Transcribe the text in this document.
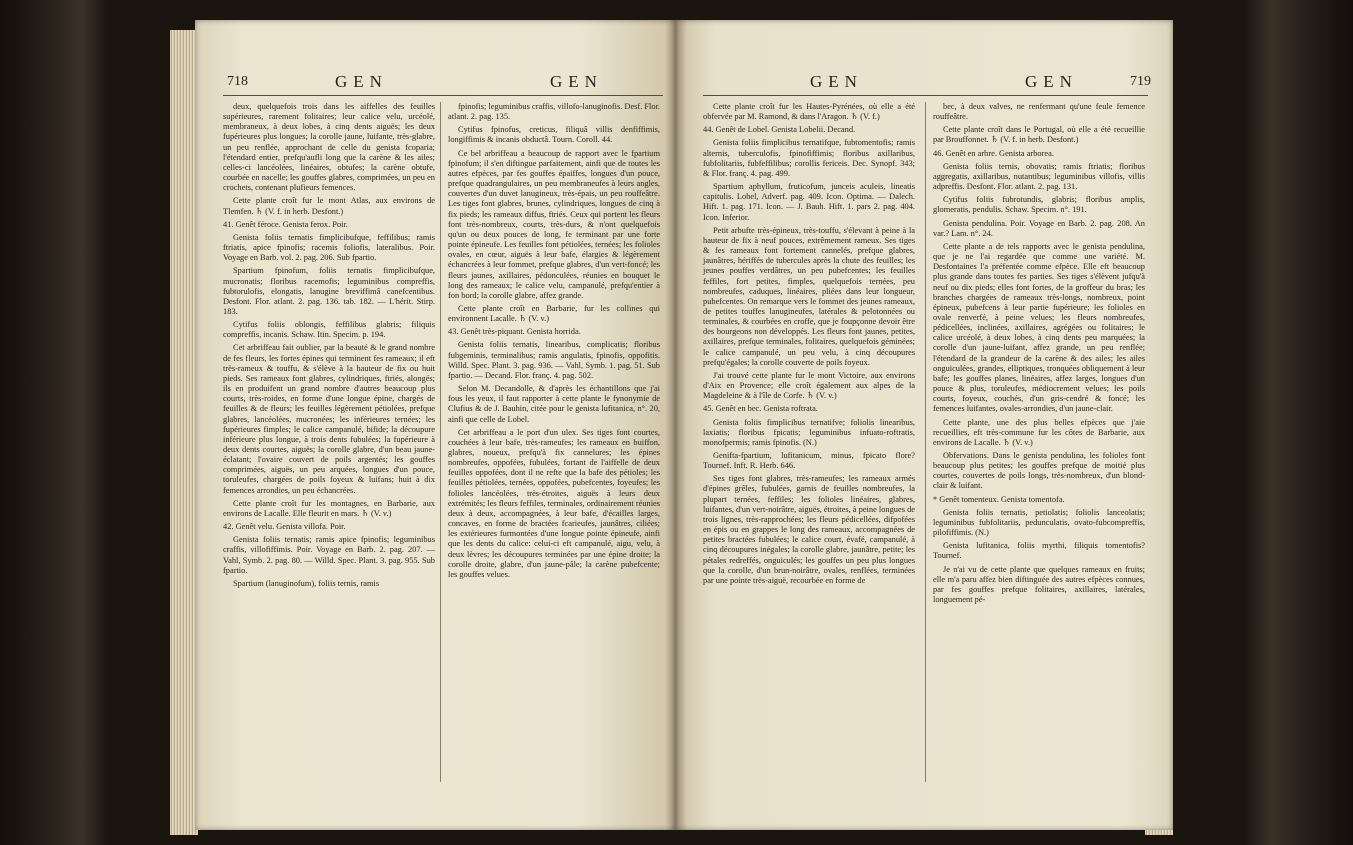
718	GEN	GEN

deux, quelquefois trois dans les aiffelles des feuilles supérieures, rarement folitaires; leur calice velu, urcéolé, membraneux, à deux lobes, à cinq dents aiguës; les deux fupérieures plus longues; la corolle jaune, luifante, très-glabre, un peu renflée, approchant de celle du genista fcoparia; l'étendard entier, prefqu'aufli long que la carène & les ailes; celles-ci lancéolées, linéaires, obtufes; la carène obtufe, courbée en nacelle; les gouffes glabres, comprimées, un peu en crochets, contenant plufieurs femences.

Cette plante croît fur le mont Atlas, aux environs de Tlemfen. ♄ (V. f. in herb. Desfont.)

41. Genêt féroce. Genista ferox. Poir.

Genista foliis ternatis fimplicibufque, feffilibus; ramis ftriatis, apice fpinofis; racemis foliofis, lateralibus. Poir. Voyage en Barb. vol. 2. pag. 206. Sub fpartio.

Spartium fpinofum, foliis ternatis fimplicibufque, mucronatis; floribus racemofis; leguminibus compreffis, fubtorulofis, elongatis, lanugine breviffimâ canefcentibus. Desfont. Flor. atlant. 2. pag. 136. tab. 182. — L'hérit. Stirp. 183.

Cytifus foliis oblongis, feffilibus glabris; filiquis compreffis, incanis. Schaw. Itin. Specim. p. 194.

Cet arbriffeau fait oublier, par la beauté & le grand nombre de fes fleurs, les fortes épines qui terminent fes rameaux; il eft très-rameux & touffu, & s'élève à la hauteur de fix ou huit pieds. Ses rameaux font glabres, cylindriques, ftriés, alongés; ils en produifent un grand nombre d'autres beaucoup plus courts, très-roides, en forme d'une longue épine, chargés de feuilles & de fleurs; les feuilles légèrement pétiolées, prefque glabres, lancéolées, mucronées; les inférieures ternées; les fupérieures fimples; le calice campanulé, bifide; la découpure inférieure plus longue, à trois dents fubulées; la fupérieure à deux dents courtes, aiguës; la corolle glabre, d'un beau jaune-éclatant; l'ovaire couvert de poils argentés; les gouffes comprimées, aiguës, un peu arquées, longues d'un pouce, toruleufes, chargées de poils foyeux & luifans; huit à dix femences arrondies, un peu échancrées.

Cette plante croît fur les montagnes, en Barbarie, aux environs de Lacalle. Elle fleurit en mars. ♄ (V. v.)

42. Genêt velu. Genista villofa. Poir.

Genista foliis ternatis; ramis apice fpinofis; leguminibus craffis, villofiffimis. Poir. Voyage en Barb. 2. pag. 207. — Vahl, Symb. 2. pag. 80. — Willd. Spec. Plant. 3. pag. 955. Sub fpartio.

Spartium (lanuginofum), foliis ternis, ramis

fpinofis; leguminibus craffis, villofo-lanuginofis. Desf. Flor. atlant. 2. pag. 135.

Cytifus fpinofus, creticus, filiquâ villis denfiffimis, longiffimis & incanis obductâ. Tourn. Coroll. 44.

Ce bel arbriffeau a beaucoup de rapport avec le fpartium fpinofum; il s'en diftingue parfaitement, ainfi que de toutes les autres efpèces, par fes gouffes épaiffes, longues d'un pouce, prefque quadrangulaires, un peu membraneufes à leurs angles, couvertes d'un duvet lanugineux, très-épais, un peu rouffeâtre. Les tiges font glabres, brunes, cylindriques, longues de cinq à fix pieds; les rameaux diffus, ftriés. Ceux qui portent les fleurs font très-nombreux, courts, très-durs, & n'ont quelquefois qu'un ou deux pouces de long, fe terminant par une forte pointe épineufe. Les feuilles font pétiolées, ternées; les folioles ovales, en cœur, aiguës à leur bafe, élargies & légèrement échancrées à leur fommet, prefque glabres, d'un vert-foncé; les fleurs jaunes, axillaires, pédonculées, réunies en bouquet le long des rameaux; le calice velu, campanulé, prefqu'entier à fon bord; la corolle glabre, affez grande.

Cette plante croît en Barbarie, fur les collines qui environnent Lacalle. ♄ (V. v.)

43. Genêt très-piquant. Genista horrida.

Genista foliis ternatis, linearibus, complicatis; floribus fubgeminis, terminalibus; ramis angulatis, fpinofis, oppofitis. Willd. Spec. Plant. 3. pag. 936. — Vahl, Symb. 1. pag. 51. Sub fpartio. — Decand. Flor. franç. 4. pag. 502.

Selon M. Decandolle, & d'après les échantillons que j'ai fous les yeux, il faut rapporter à cette plante le fynonymie de Clufius & de J. Bauhin, citée pour le genista lufitanica, n°. 20, ainfi que celle de Lobel.

Cet arbriffeau a le port d'un ulex. Ses tiges font courtes, couchées à leur bafe, très-rameufes; les rameaux en buiffon, glabres, noueux, prefqu'à fix cannelures; les épines nombreufes, oppofées, fubulées, fortant de l'aiffelle de deux feuilles oppofées, dont il ne refte que la bafe des pétioles; les feuilles pétiolées, ternées, oppofées, pubefcentes, foyeufes; les folioles lancéolées, très-étroites, aiguës à leurs deux extrémités; les fleurs feffiles, terminales, ordinairement réunies deux à deux, accompagnées, à leur bafe, d'écailles larges, concaves, en forme de bractées fcarieufes, jaunâtres, ciliées; les extérieures furmontées d'une longue pointe épineufe, ainfi que les dents du calice: celui-ci eft campanulé, aigu, velu, à deux lèvres; les découpures terminées par une épine droite; la corolle droite, glabre, d'un jaune-pâle; la carène pubefcente; les gouffes velues.

GEN	GEN	719

Cette plante croît fur les Hautes-Pyrénées, où elle a été obfervée par M. Ramond, & dans l'Aragon. ♄ (V. f.)

44. Genêt de Lobel. Genista Lobelii. Decand.

Genista foliis fimplicibus ternatifque, fubtomentofis; ramis alternis, tuberculofis, fpinofiffimis; floribus axillaribus, fubfolitariis, fubfeffilibus; corollis fericeis. Dec. Synopf. 343; & Flor. franç. 4. pag. 499.

Spartium aphyllum, fruticofum, junceis aculeis, lineatis capitulis. Lobel, Adverf. pag. 409. Icon. Optima. — Dalech. Hift. 1. pag. 171. Icon. — J. Bauh. Hift. 1. pars 2. pag. 404. Icon. Inferior.

Petit arbufte très-épineux, très-touffu, s'élevant à peine à la hauteur de fix à neuf pouces, extrêmement rameux. Ses tiges & fes rameaux font fortement cannelés, prefque glabres, jaunâtres, hériffés de tubercules après la chute des feuilles; les jeunes pouffes verdâtres, un peu pubefcentes; les feuilles feffiles, fort petites, fimples, quelquefois ternées, peu nombreufes, caduques, linéaires, pliées dans leur longueur, pubefcentes. On remarque vers le fommet des jeunes rameaux, de petites touffes lanugineufes, latérales & pelotonnées ou terminales, & courbées en croffe, que je foupçonne devoir être des bourgeons non développés. Les fleurs font jaunes, petites, axillaires, prefque terminales, folitaires, quelquefois géminées; le calice campanulé, un peu velu, à cinq découpures prefqu'égales; la corolle couverte de poils foyeux.

J'ai trouvé cette plante fur le mont Victoire, aux environs d'Aix en Provence; elle croît également aux alpes de la Magdeleine & à l'île de Corfe. ♄ (V. v.)

45. Genêt en bec. Genista roftrata.

Genista foliis fimplicibus ternatifve; foliolis linearibus, laxiatis; floribus fpicatis; leguminibus infuato-roftratis, monofpermis; ramis fpinofis. (N.)

Genifta-fpartium, lufitanicum, minus, fpicato flore? Tournef. Inft. R. Herb. 646.

Ses tiges font glabres, très-rameufes; les rameaux armés d'épines grêles, fubulées, garnis de feuilles nombreufes, la plupart ternées, feffiles; les folioles linéaires, glabres, luifantes, d'un vert-noirâtre, aiguës, étroites, à peine longues de trois lignes, très-rapprochées; les fleurs pédicellées, difpofées en épis ou en grappes le long des rameaux, accompagnées de petites bractées fubulées; le calice court, évafé, campanulé, à cinq découpures inégales; la corolle glabre, jaunâtre, petite; les pétales redreffés, onguiculés; les gouffes un peu plus longues que la corolle, d'un brun-noirâtre, ovales, renflées, terminées par une pointe très-aiguë, recourbée en forme de

bec, à deux valves, ne renfermant qu'une feule femence rouffeâtre.

Cette plante croît dans le Portugal, où elle a été recueillie par Brouffonnet. ♄ (V. f. in herb. Desfont.)

46. Genêt en arbre. Genista arborea.

Genista foliis ternis, obovatis; ramis ftriatis; floribus aggregatis, axillaribus, nutantibus; leguminibus villofis, villis adpreffis. Desfont. Flor. atlant. 2. pag. 131.

Cytifus foliis fubrotundis, glabris; floribus amplis, glomeratis, pendulis. Schaw. Specim. n°. 191.

Genista pendulina. Poir. Voyage en Barb. 2. pag. 208. An var.? Lam. n°. 24.

Cette plante a de tels rapports avec le genista pendulina, que je ne l'ai regardée que comme une variété. M. Desfontaines l'a préfentée comme efpèce. Elle eft beaucoup plus grande dans toutes fes parties. Ses tiges s'élèvent jufqu'à neuf ou dix pieds; elles font fortes, de la groffeur du bras; les branches chargées de rameaux très-longs, nombreux, point épineux, pubefcens à leur partie fupérieure; les folioles en ovale renverfé, à peine velues; les fleurs nombreufes, pédicellées, inclinées, axillaires, agrégées ou folitaires; le calice urcéolé, à deux lobes, à cinq dents peu marquées; la corolle d'un jaune-luifant, affez grande, un peu renflée; l'étendard de la grandeur de la carène & des ailes; les ailes onguiculées, grandes, elliptiques, tronquées obliquement à leur bafe; les gouffes planes, linéaires, affez larges, longues d'un pouce & plus, toruleufes, médiocrement velues; les poils courts, foyeux, couchés, d'un gris-cendré & foncé; les femences luifantes, ovales-arrondies, d'un jaune-clair.

Cette plante, une des plus belles efpèces que j'aie recueillies, eft très-commune fur les côtes de Barbarie, aux environs de Lacalle. ♄ (V. v.)

Obfervations. Dans le genista pendulina, les folioles font beaucoup plus petites; les gouffes prefque de moitié plus courtes, couvertes de poils longs, très-nombreux, d'un blond-clair & luifant.

* Genêt tomenteux. Genista tomentofa.

Genista foliis ternatis, petiolatis; foliolis lanceolatis; leguminibus fubfolitariis, pedunculatis, ovato-fubcompreffis, pilofiffimis. (N.)

Genista lufitanica, foliis myrthi, filiquis tomentofis? Tournef.

Je n'ai vu de cette plante que quelques rameaux en fruits; elle m'a paru affez bien diftinguée des autres efpèces connues, par fes gouffes prefque folitaires, axillaires, latérales, longuement pé-
